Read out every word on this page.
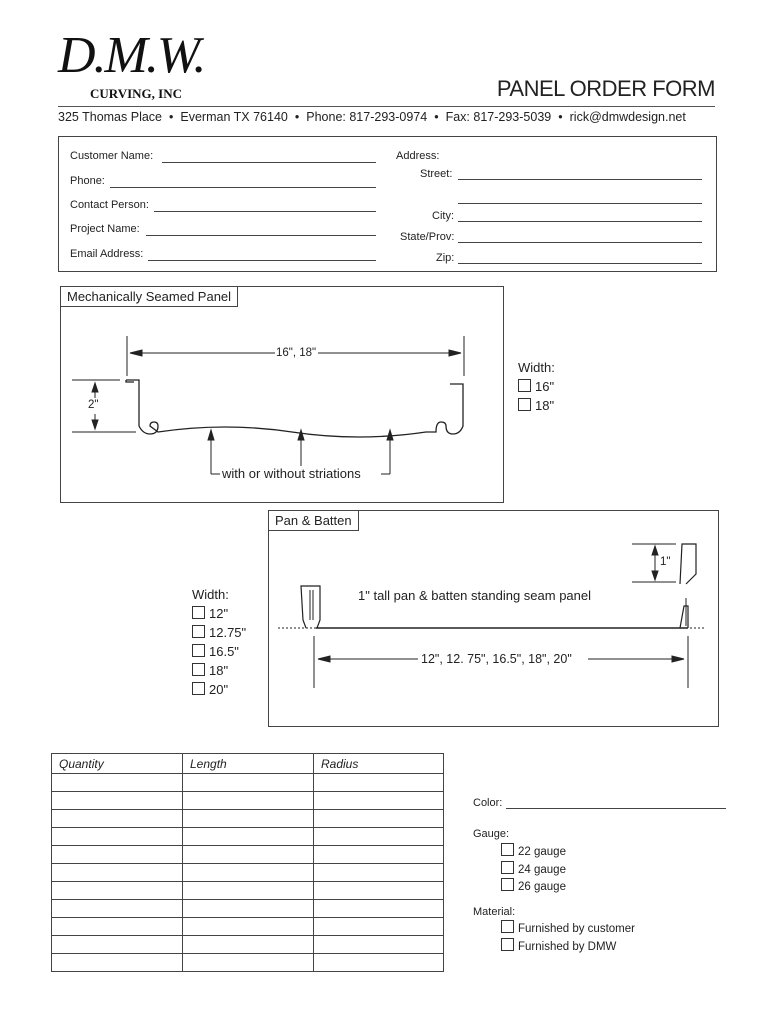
D.M.W.
CURVING, INC	PANEL ORDER FORM
325 Thomas Place • Everman TX 76140 • Phone: 817-293-0974 • Fax: 817-293-5039 • rick@dmwdesign.net
Customer Name:
Phone:
Contact Person:
Project Name:
Email Address:
Address:
Street:
City:
State/Prov:
Zip:
Mechanically Seamed Panel
16", 18"
2"
with or without striations
Width:
16"
18"
Pan & Batten
1"
1" tall pan & batten standing seam panel
12", 12. 75", 16.5", 18", 20"
Width:
12"
12.75"
16.5"
18"
20"
Quantity	Length	Radius

Color:
Gauge:
22 gauge
24 gauge
26 gauge
Material:
Furnished by customer
Furnished by DMW
